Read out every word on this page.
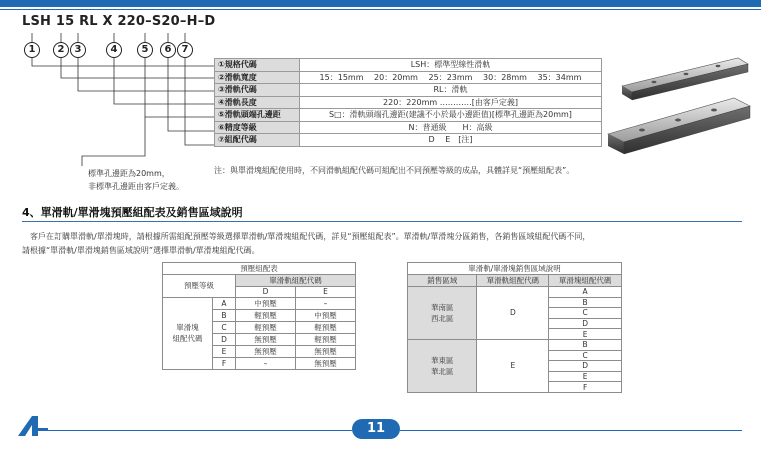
LSH 15 RL X 220–S20–H–D
1	2	3	4	5	6	7
①規格代碼	LSH：標準型線性滑軌
②滑軌寬度	15：15mm　 20：20mm　 25：23mm　 30：28mm　 35：34mm
③滑軌代碼	RL：滑軌
④滑軌長度	220：220mm …………[由客戶定義]
⑤滑軌頭端孔邊距	S□：滑軌頭端孔邊距(建議不小於最小邊距值)[標準孔邊距為20mm]
⑥精度等級	N：普通級　　H：高級
⑦組配代碼	D　 E　[注]
標準孔邊距為20mm，
非標準孔邊距由客戶定義。
注：與單滑塊組配使用時，不同滑軌組配代碼可組配出不同預壓等級的成品，具體詳見“預壓組配表”。
4、單滑軌/單滑塊預壓組配表及銷售區域說明
　客戶在訂購單滑軌/單滑塊時，請根據所需組配預壓等級選擇單滑軌/單滑塊組配代碼，詳見“預壓組配表”。單滑軌/單滑塊分區銷售，各銷售區域組配代碼不同，
請根據“單滑軌/單滑塊銷售區域說明”選擇單滑軌/單滑塊組配代碼。
預壓組配表			
預壓等級		單滑軌組配代碼	
		D	E
單滑塊
組配代碼	A	中預壓	–
	B	輕預壓	中預壓
	C	輕預壓	輕預壓
	D	無預壓	輕預壓
	E	無預壓	無預壓
	F	–	無預壓
單滑軌/單滑塊銷售區域說明		
銷售區域	單滑軌組配代碼	單滑塊組配代碼
華南區
西北區	D	A
		B
		C
		D
		E
華東區
華北區	E	B
		C
		D
		E
		F
11
